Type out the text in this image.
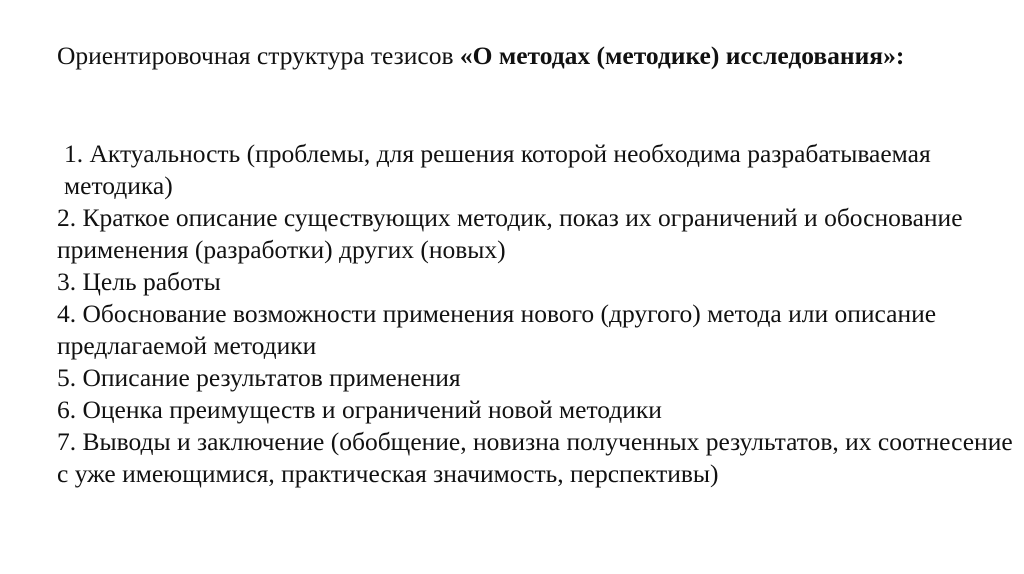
Ориентировочная структура тезисов «О методах (методике) исследования»:

1. Актуальность (проблемы, для решения которой необходима разрабатываемая методика)
2. Краткое описание существующих методик, показ их ограничений и обоснование применения (разработки) других (новых)
3. Цель работы
4. Обоснование возможности применения нового (другого) метода или описание предлагаемой методики
5. Описание результатов применения
6. Оценка преимуществ и ограничений новой методики
7. Выводы и заключение (обобщение, новизна полученных результатов, их соотнесение с уже имеющимися, практическая значимость, перспективы)
